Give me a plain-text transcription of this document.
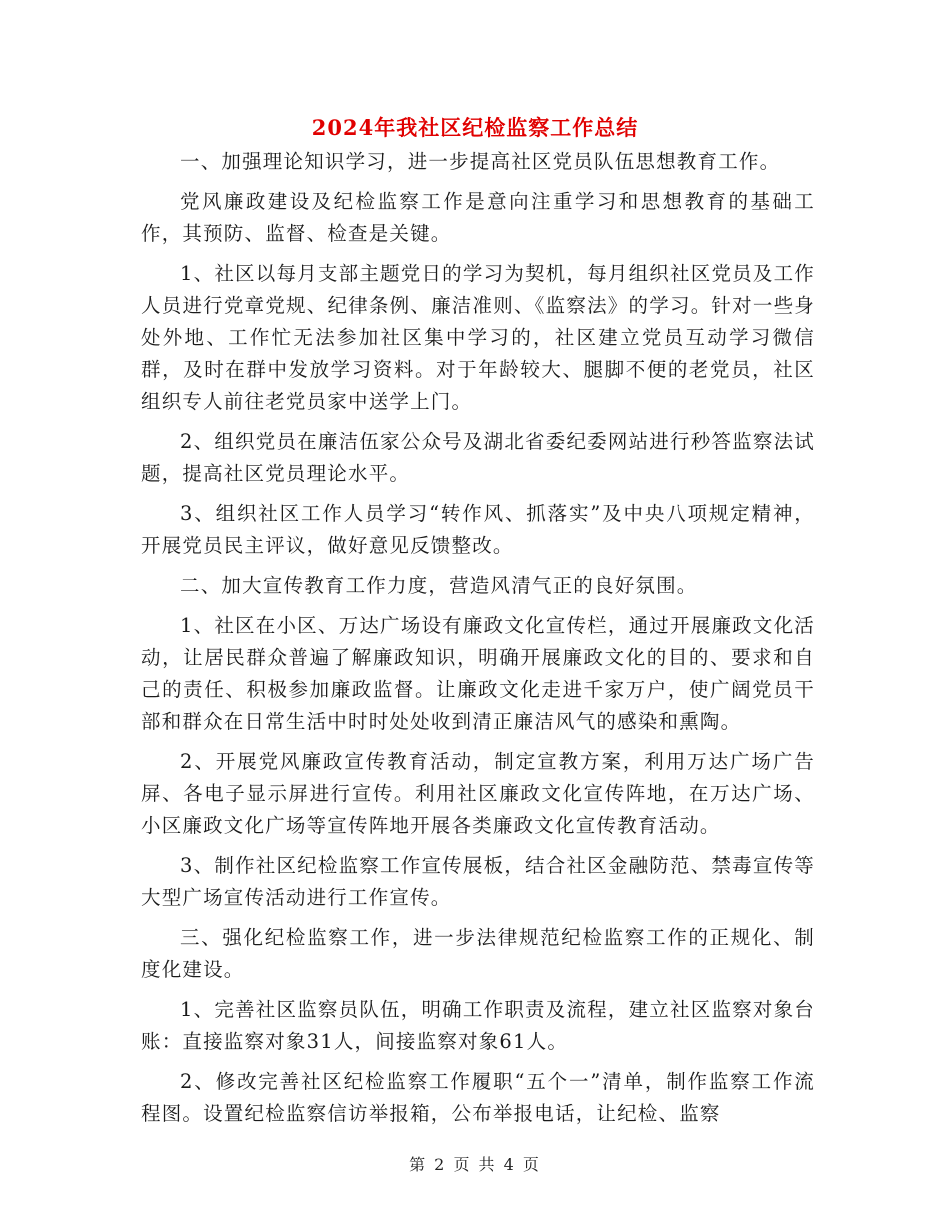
2024年我社区纪检监察工作总结

一、加强理论知识学习，进一步提高社区党员队伍思想教育工作。

党风廉政建设及纪检监察工作是意向注重学习和思想教育的基础工作，其预防、监督、检查是关键。

1、社区以每月支部主题党日的学习为契机，每月组织社区党员及工作人员进行党章党规、纪律条例、廉洁准则、《监察法》的学习。针对一些身处外地、工作忙无法参加社区集中学习的，社区建立党员互动学习微信群，及时在群中发放学习资料。对于年龄较大、腿脚不便的老党员，社区组织专人前往老党员家中送学上门。

2、组织党员在廉洁伍家公众号及湖北省委纪委网站进行秒答监察法试题，提高社区党员理论水平。

3、组织社区工作人员学习“转作风、抓落实”及中央八项规定精神，开展党员民主评议，做好意见反馈整改。

二、加大宣传教育工作力度，营造风清气正的良好氛围。

1、社区在小区、万达广场设有廉政文化宣传栏，通过开展廉政文化活动，让居民群众普遍了解廉政知识，明确开展廉政文化的目的、要求和自己的责任、积极参加廉政监督。让廉政文化走进千家万户，使广阔党员干部和群众在日常生活中时时处处收到清正廉洁风气的感染和熏陶。

2、开展党风廉政宣传教育活动，制定宣教方案，利用万达广场广告屏、各电子显示屏进行宣传。利用社区廉政文化宣传阵地，在万达广场、小区廉政文化广场等宣传阵地开展各类廉政文化宣传教育活动。

3、制作社区纪检监察工作宣传展板，结合社区金融防范、禁毒宣传等大型广场宣传活动进行工作宣传。

三、强化纪检监察工作，进一步法律规范纪检监察工作的正规化、制度化建设。

1、完善社区监察员队伍，明确工作职责及流程，建立社区监察对象台账：直接监察对象31人，间接监察对象61人。

2、修改完善社区纪检监察工作履职“五个一”清单，制作监察工作流程图。设置纪检监察信访举报箱，公布举报电话，让纪检、监察

第 2 页 共 4 页
